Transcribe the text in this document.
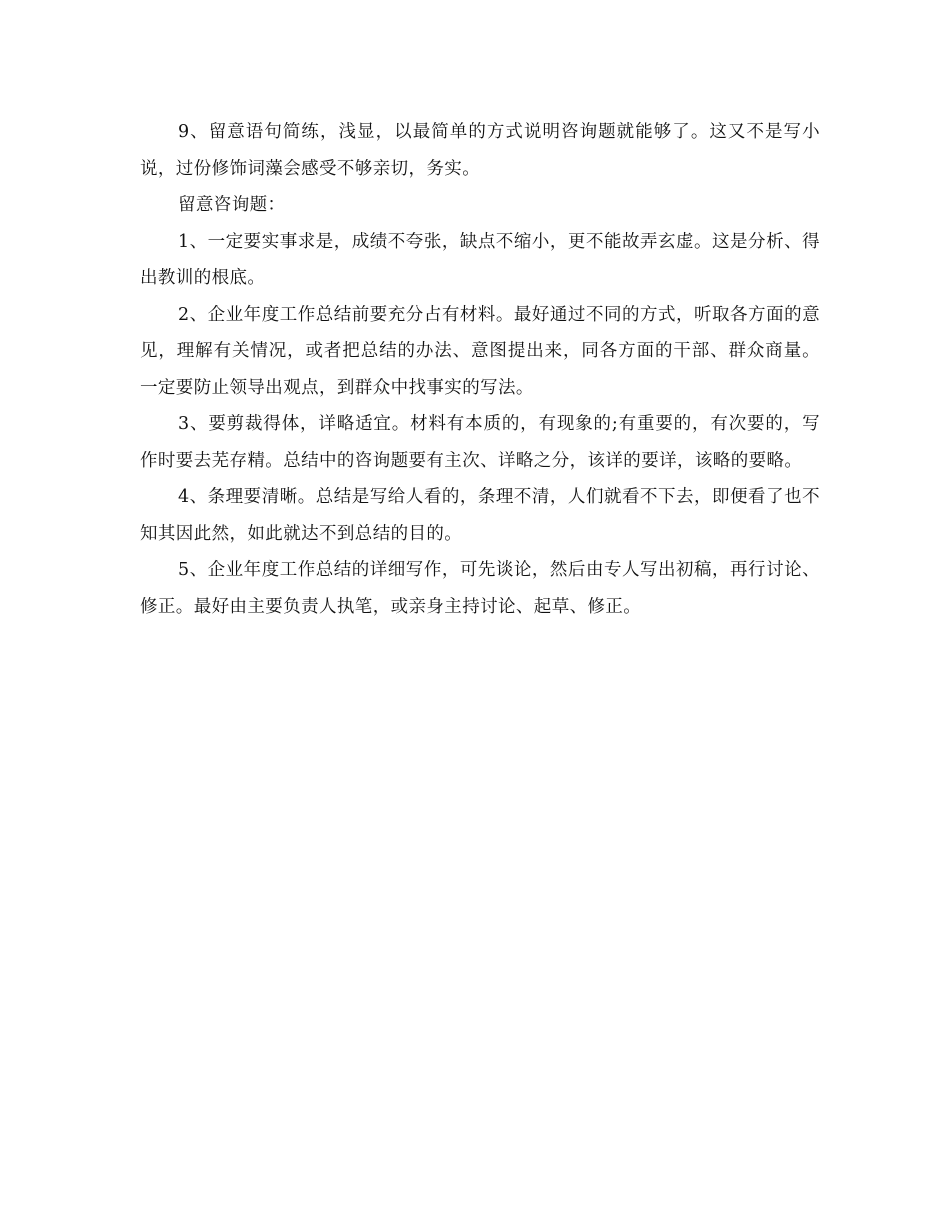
9、留意语句简练，浅显，以最简单的方式说明咨询题就能够了。这又不是写小说，过份修饰词藻会感受不够亲切，务实。

留意咨询题：

1、一定要实事求是，成绩不夸张，缺点不缩小，更不能故弄玄虚。这是分析、得出教训的根底。

2、企业年度工作总结前要充分占有材料。最好通过不同的方式，听取各方面的意见，理解有关情况，或者把总结的办法、意图提出来，同各方面的干部、群众商量。一定要防止领导出观点，到群众中找事实的写法。

3、要剪裁得体，详略适宜。材料有本质的，有现象的;有重要的，有次要的，写作时要去芜存精。总结中的咨询题要有主次、详略之分，该详的要详，该略的要略。

4、条理要清晰。总结是写给人看的，条理不清，人们就看不下去，即便看了也不知其因此然，如此就达不到总结的目的。

5、企业年度工作总结的详细写作，可先谈论，然后由专人写出初稿，再行讨论、修正。最好由主要负责人执笔，或亲身主持讨论、起草、修正。
